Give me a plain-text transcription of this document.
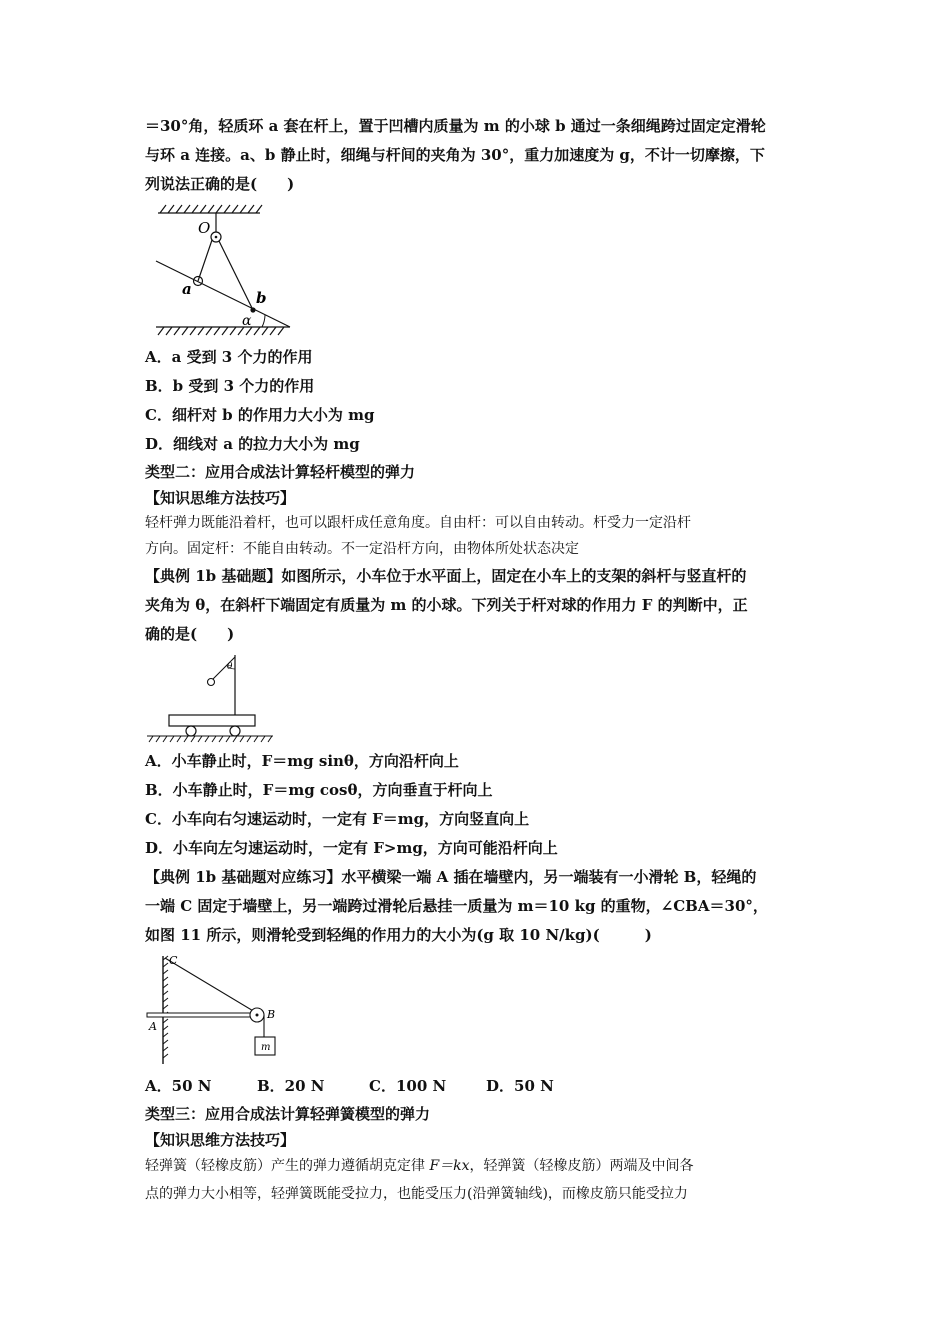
＝30°角，轻质环 a 套在杆上，置于凹槽内质量为 m 的小球 b 通过一条细绳跨过固定定滑轮
与环 a 连接。a、b 静止时，细绳与杆间的夹角为 30°，重力加速度为 g，不计一切摩擦，下
列说法正确的是(　　)
O
a	b
α
A．a 受到 3 个力的作用
B．b 受到 3 个力的作用
C．细杆对 b 的作用力大小为 mg
D．细线对 a 的拉力大小为 mg
类型二：应用合成法计算轻杆模型的弹力
【知识思维方法技巧】
轻杆弹力既能沿着杆，也可以跟杆成任意角度。自由杆：可以自由转动。杆受力一定沿杆
方向。固定杆：不能自由转动。不一定沿杆方向，由物体所处状态决定
【典例 1b 基础题】如图所示，小车位于水平面上，固定在小车上的支架的斜杆与竖直杆的
夹角为 θ，在斜杆下端固定有质量为 m 的小球。下列关于杆对球的作用力 F 的判断中，正
确的是(　　)
θ
A．小车静止时，F＝mg sinθ，方向沿杆向上
B．小车静止时，F＝mg cosθ，方向垂直于杆向上
C．小车向右匀速运动时，一定有 F＝mg，方向竖直向上
D．小车向左匀速运动时，一定有 F>mg，方向可能沿杆向上
【典例 1b 基础题对应练习】水平横梁一端 A 插在墙壁内，另一端装有一小滑轮 B，轻绳的
一端 C 固定于墙壁上，另一端跨过滑轮后悬挂一质量为 m＝10 kg 的重物，∠CBA＝30°，
如图 11 所示，则滑轮受到轻绳的作用力的大小为(g 取 10 N/kg)(　　　)
C
A
B
m
A．50 N	B．20 N	C．100 N	D．50 N
类型三：应用合成法计算轻弹簧模型的弹力
【知识思维方法技巧】
轻弹簧（轻橡皮筋）产生的弹力遵循胡克定律 F＝kx，轻弹簧（轻橡皮筋）两端及中间各
点的弹力大小相等，轻弹簧既能受拉力，也能受压力(沿弹簧轴线)，而橡皮筋只能受拉力
